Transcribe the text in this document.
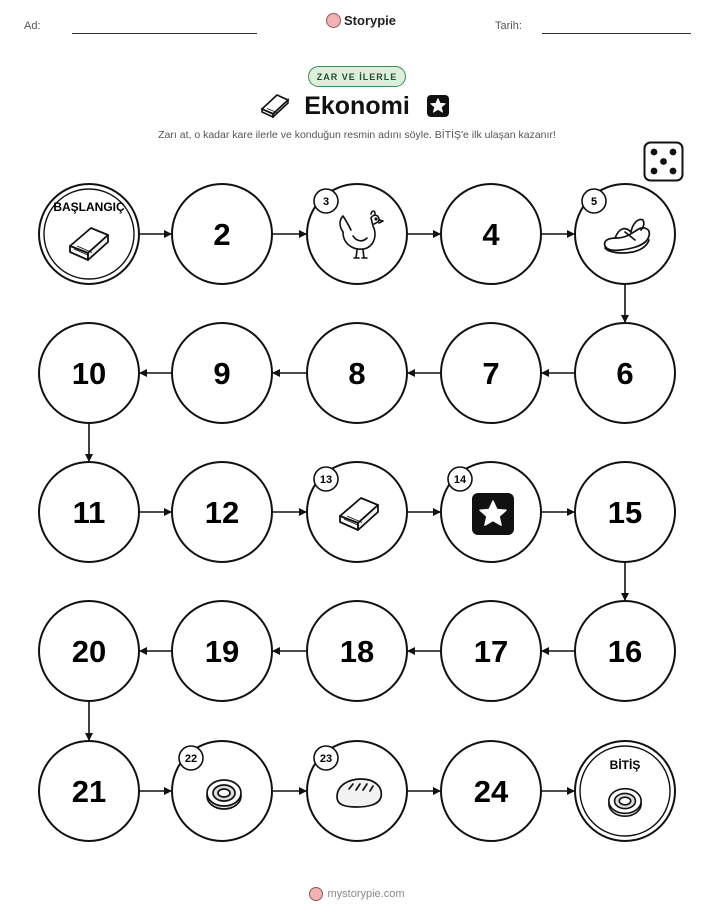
Ad:	Storypie	Tarih:
ZAR VE İLERLE
Ekonomi
Zarı at, o kadar kare ilerle ve konduğun resmin adını söyle. BİTİŞ'e ilk ulaşan kazanır!
BAŞLANGIÇ
2
3
4
5
6
7
8
9
10
11	12
13	14
15
16
17
18
19
20
21
22	23
24
BİTİŞ
mystorypie.com
